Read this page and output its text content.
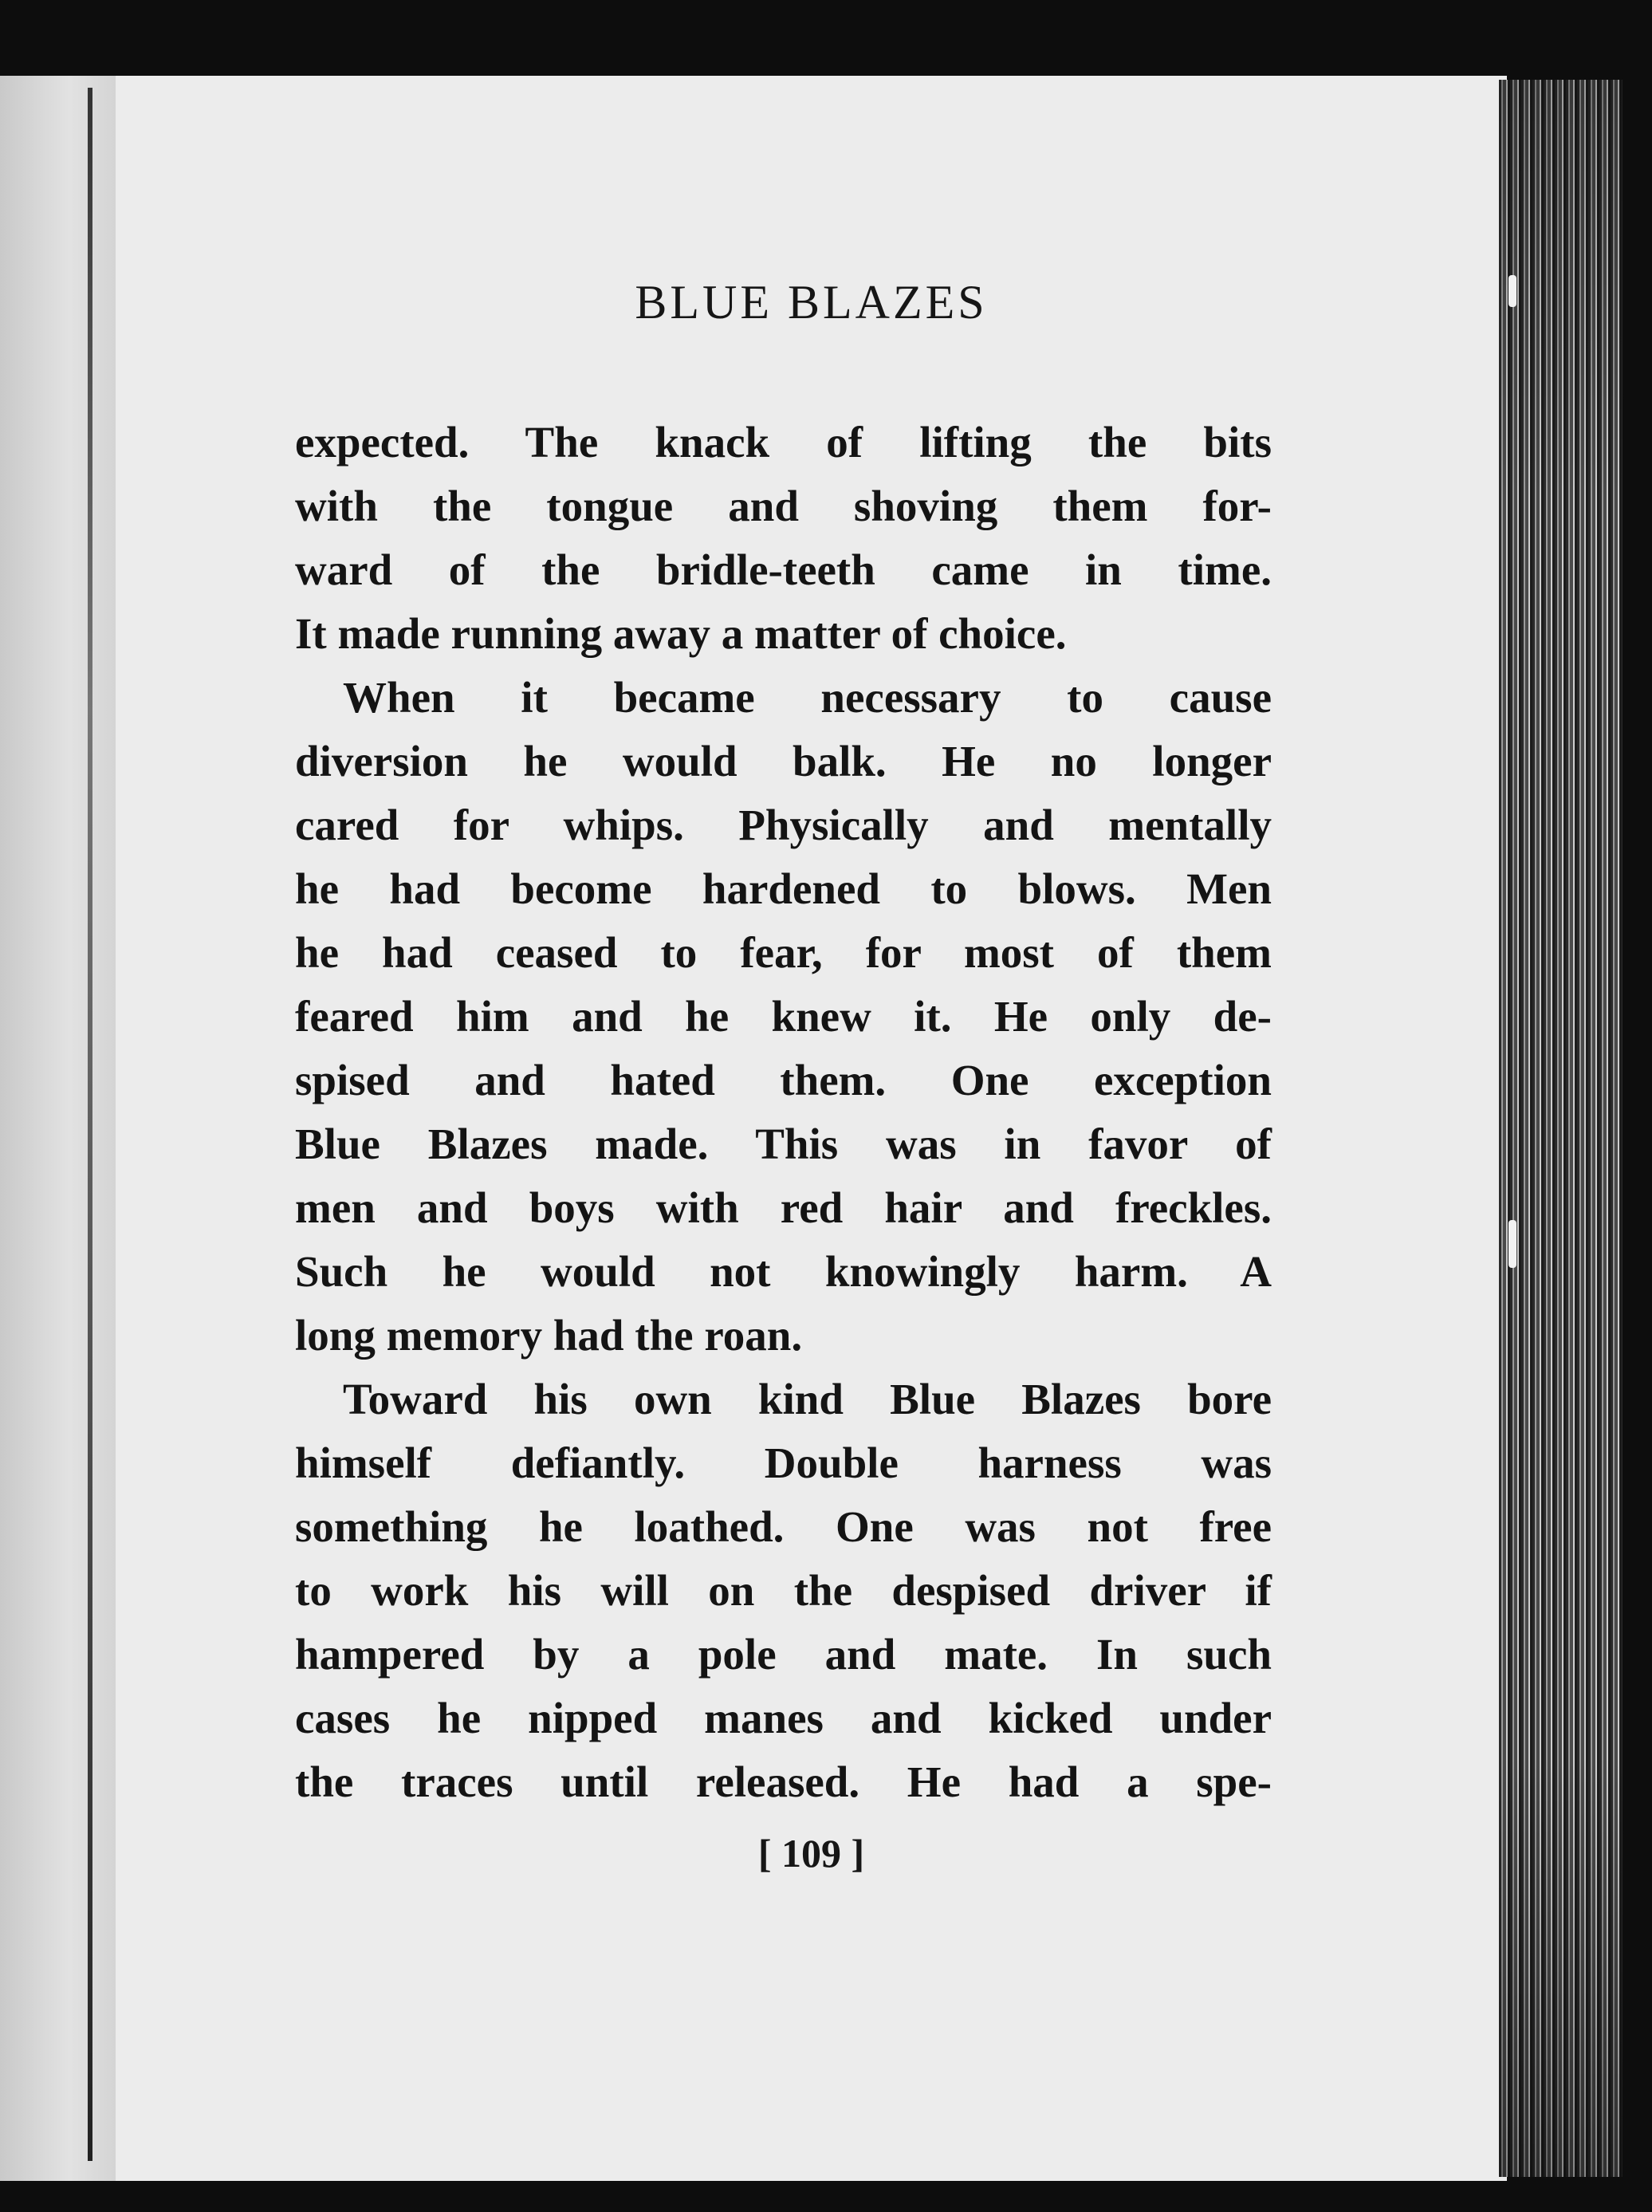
BLUE BLAZES
expected. The knack of lifting the bits
with the tongue and shoving them for-
ward of the bridle-teeth came in time.
It made running away a matter of choice.
When it became necessary to cause
diversion he would balk. He no longer
cared for whips. Physically and mentally
he had become hardened to blows. Men
he had ceased to fear, for most of them
feared him and he knew it. He only de-
spised and hated them. One exception
Blue Blazes made. This was in favor of
men and boys with red hair and freckles.
Such he would not knowingly harm. A
long memory had the roan.
Toward his own kind Blue Blazes bore
himself defiantly. Double harness was
something he loathed. One was not free
to work his will on the despised driver if
hampered by a pole and mate. In such
cases he nipped manes and kicked under
the traces until released. He had a spe-
[ 109 ]
